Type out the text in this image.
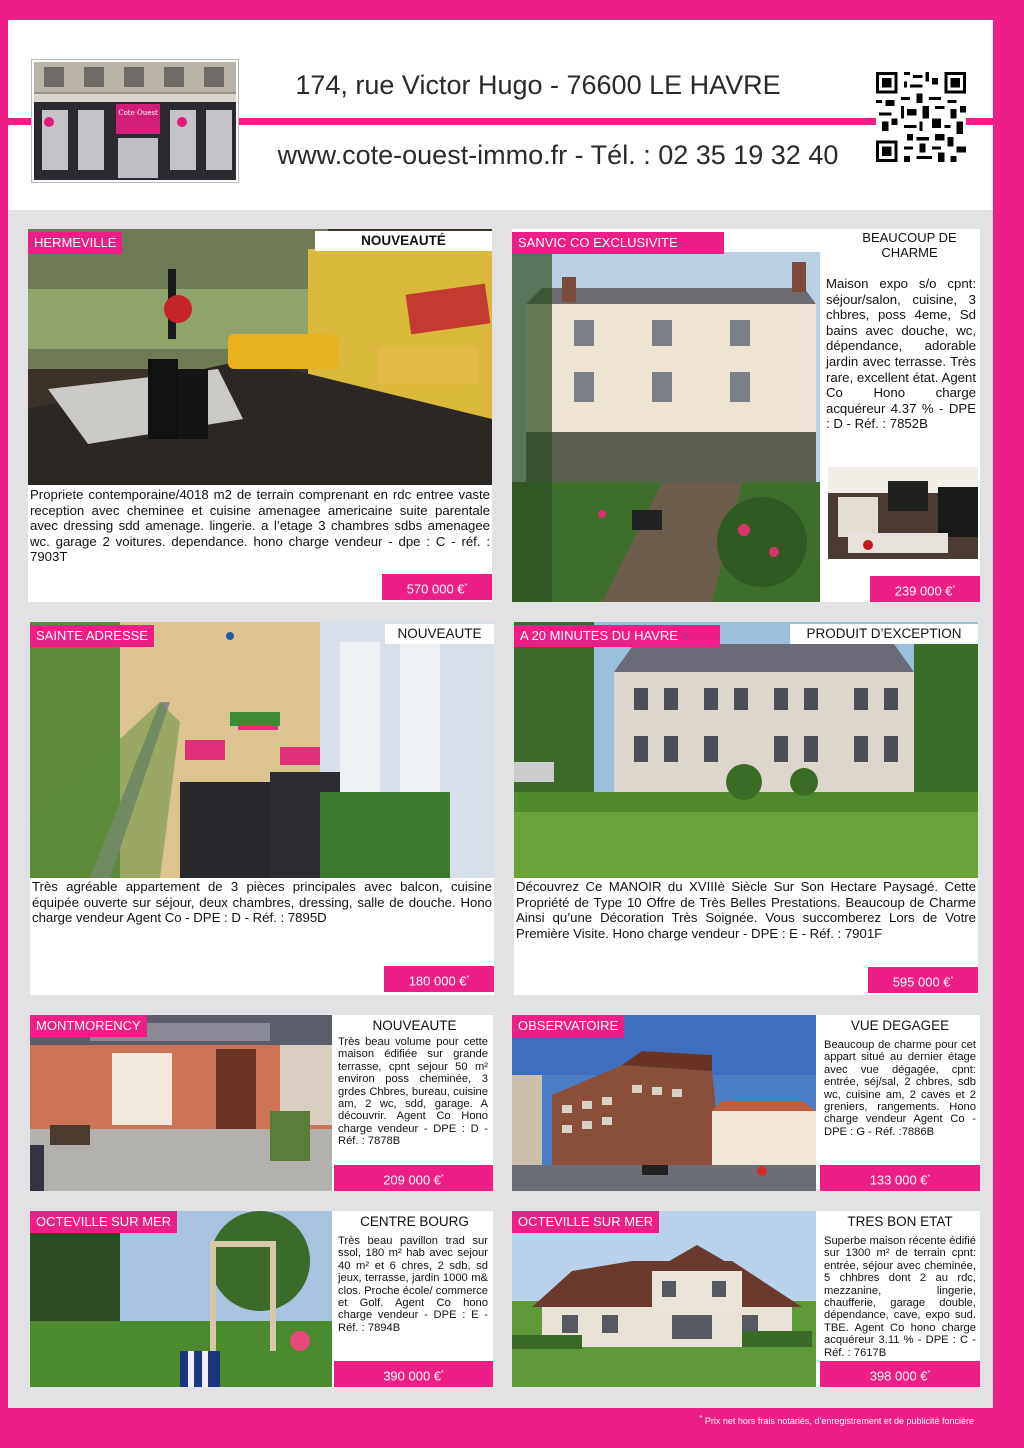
Cote Ouest
174, rue Victor Hugo - 76600 LE HAVRE
www.cote-ouest-immo.fr - Tél. : 02 35 19 32 40
HERMEVILLE	NOUVEAUTÉ
Propriete contemporaine/4018 m2 de terrain comprenant en rdc entree vaste reception avec cheminee et cuisine amenagee americaine suite parentale avec dressing sdd amenage. lingerie. a l’etage 3 chambres sdbs amenagee wc. garage 2 voitures. dependance. hono charge vendeur - dpe : C - réf. : 7903T
570 000 €*
SANVIC CO EXCLUSIVITE	BEAUCOUP DE CHARME
Maison expo s/o cpnt: séjour/salon, cuisine, 3 chbres, poss 4eme, Sd bains avec douche, wc, dépendance, adorable jardin avec terrasse. Très rare, excellent état. Agent Co Hono charge acquéreur 4.37 % - DPE : D - Réf. : 7852B
239 000 €*
SAINTE ADRESSE	NOUVEAUTE
Très agréable appartement de 3 pièces principales avec balcon, cuisine équipée ouverte sur séjour, deux chambres, dressing, salle de douche. Hono charge vendeur Agent Co - DPE : D - Réf. : 7895D
180 000 €*
A 20 MINUTES DU HAVRE	PRODUIT D’EXCEPTION
Découvrez Ce MANOIR du XVIIIè Siècle Sur Son Hectare Paysagé. Cette Propriété de Type 10 Offre de Très Belles Prestations. Beaucoup de Charme Ainsi qu’une Décoration Très Soignée. Vous succomberez Lors de Votre Première Visite. Hono charge vendeur - DPE : E - Réf. : 7901F
595 000 €*
MONTMORENCY	NOUVEAUTE
Très beau volume pour cette maison édifiée sur grande terrasse, cpnt sejour 50 m² environ poss cheminée, 3 grdes Chbres, bureau, cuisine am, 2 wc, sdd, garage. A découvrir. Agent Co Hono charge vendeur - DPE : D - Réf. : 7878B
209 000 €*
OBSERVATOIRE	VUE DEGAGEE
Beaucoup de charme pour cet appart situé au dernier étage avec vue dégagée, cpnt: entrée, séj/sal, 2 chbres, sdb wc, cuisine am, 2 caves et 2 greniers, rangements. Hono charge vendeur Agent Co - DPE : G - Réf. :7886B
133 000 €*
OCTEVILLE SUR MER	CENTRE BOURG
Très beau pavillon trad sur ssol, 180 m² hab avec sejour 40 m² et 6 chres, 2 sdb, sd jeux, terrasse, jardin 1000 m& clos. Proche école/ commerce et Golf. Agent Co hono charge vendeur - DPE : E - Réf. : 7894B
390 000 €*
OCTEVILLE SUR MER	TRES BON ETAT
Superbe maison récente édifié sur 1300 m² de terrain cpnt: entrée, séjour avec cheminée, 5 chhbres dont 2 au rdc, mezzanine, lingerie, chaufferie, garage double, dépendance, cave, expo sud. TBE. Agent Co hono charge acquéreur 3.11 % - DPE : C - Réf. : 7617B
398 000 €*
* Prix net hors frais notariés, d’enregistrement et de publicité foncière
